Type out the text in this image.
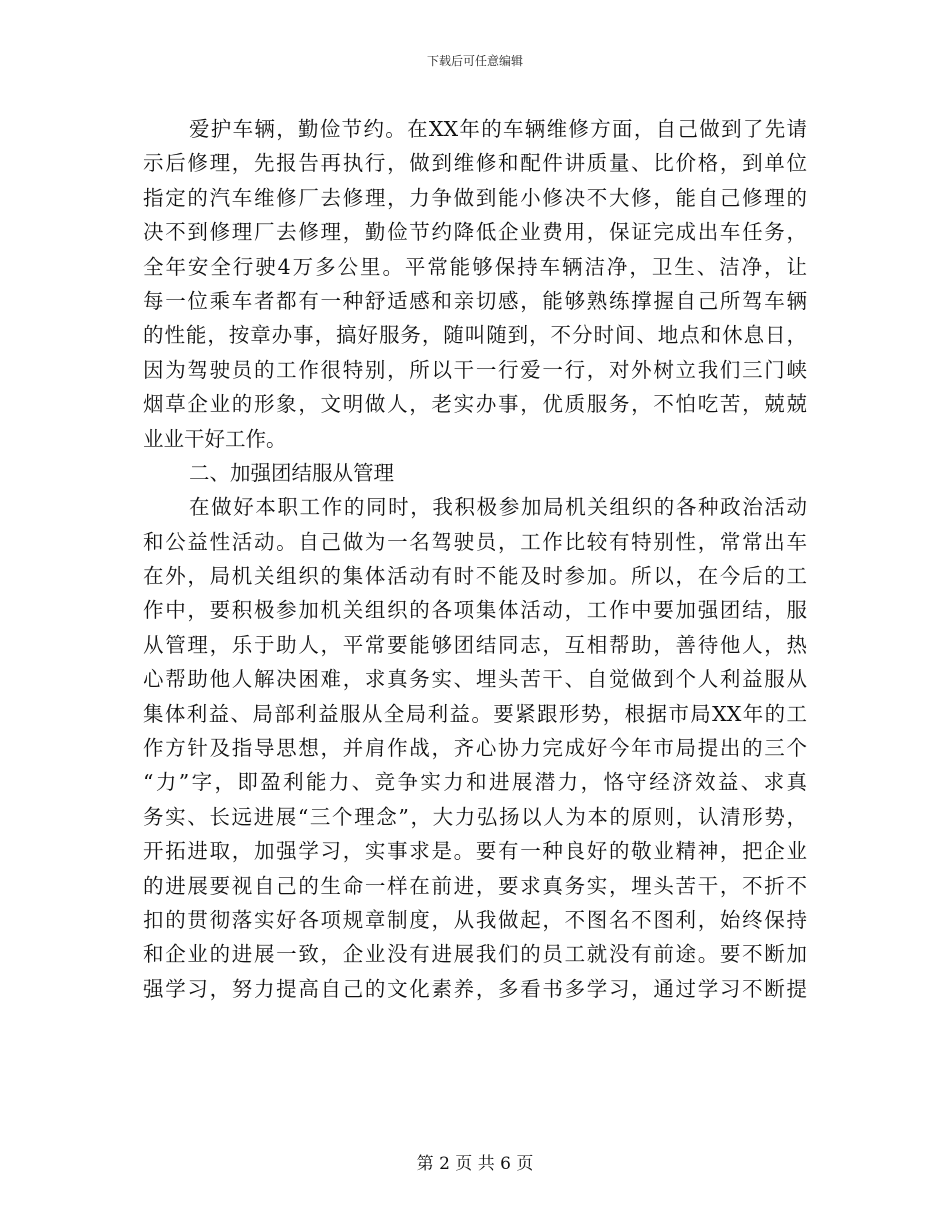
下载后可任意编辑
爱护车辆，勤俭节约。在XX年的车辆维修方面，自己做到了先请
示后修理，先报告再执行，做到维修和配件讲质量、比价格，到单位
指定的汽车维修厂去修理，力争做到能小修决不大修，能自己修理的
决不到修理厂去修理，勤俭节约降低企业费用，保证完成出车任务，
全年安全行驶4万多公里。平常能够保持车辆洁净，卫生、洁净，让
每一位乘车者都有一种舒适感和亲切感，能够熟练撑握自己所驾车辆
的性能，按章办事，搞好服务，随叫随到，不分时间、地点和休息日，
因为驾驶员的工作很特别，所以干一行爱一行，对外树立我们三门峡
烟草企业的形象，文明做人，老实办事，优质服务，不怕吃苦，兢兢
业业干好工作。
二、加强团结服从管理
在做好本职工作的同时，我积极参加局机关组织的各种政治活动
和公益性活动。自己做为一名驾驶员，工作比较有特别性，常常出车
在外，局机关组织的集体活动有时不能及时参加。所以，在今后的工
作中，要积极参加机关组织的各项集体活动，工作中要加强团结，服
从管理，乐于助人，平常要能够团结同志，互相帮助，善待他人，热
心帮助他人解决困难，求真务实、埋头苦干、自觉做到个人利益服从
集体利益、局部利益服从全局利益。要紧跟形势，根据市局XX年的工
作方针及指导思想，并肩作战，齐心协力完成好今年市局提出的三个
“力”字，即盈利能力、竞争实力和进展潜力，恪守经济效益、求真
务实、长远进展“三个理念”，大力弘扬以人为本的原则，认清形势，
开拓进取，加强学习，实事求是。要有一种良好的敬业精神，把企业
的进展要视自己的生命一样在前进，要求真务实，埋头苦干，不折不
扣的贯彻落实好各项规章制度，从我做起，不图名不图利，始终保持
和企业的进展一致，企业没有进展我们的员工就没有前途。要不断加
强学习，努力提高自己的文化素养，多看书多学习，通过学习不断提
第 2 页 共 6 页
